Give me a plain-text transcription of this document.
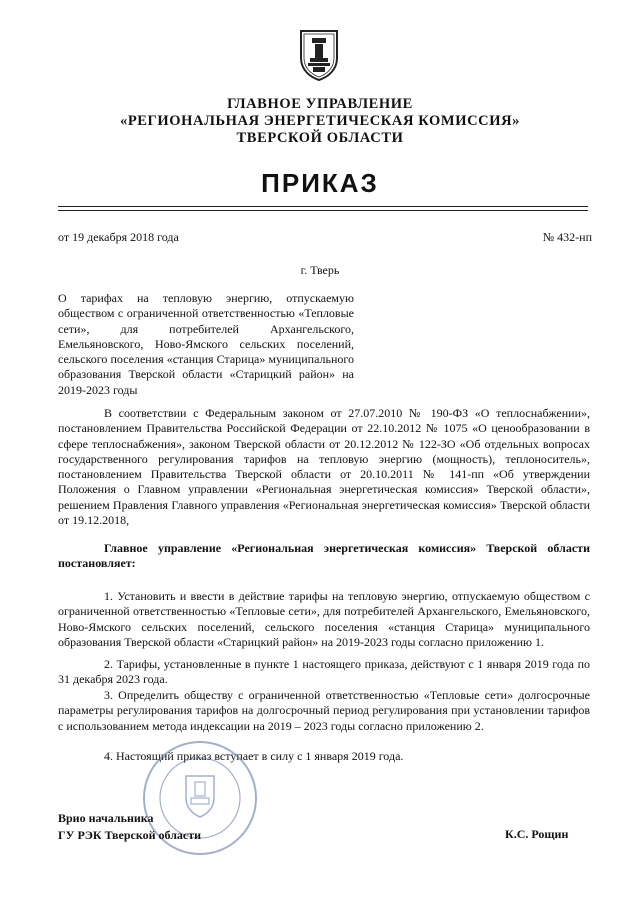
ГЛАВНОЕ УПРАВЛЕНИЕ
«РЕГИОНАЛЬНАЯ ЭНЕРГЕТИЧЕСКАЯ КОМИССИЯ»
ТВЕРСКОЙ ОБЛАСТИ
ПРИКАЗ
от 19 декабря 2018 года	№ 432-нп
г. Тверь
О тарифах на тепловую энергию, отпускаемую обществом с ограниченной ответственностью «Тепловые сети», для потребителей Архангельского, Емельяновского, Ново-Ямского сельских поселений, сельского поселения «станция Старица» муниципального образования Тверской области «Старицкий район» на 2019-2023 годы
В соответствии с Федеральным законом от 27.07.2010 № 190-ФЗ «О теплоснабжении», постановлением Правительства Российской Федерации от 22.10.2012 № 1075 «О ценообразовании в сфере теплоснабжения», законом Тверской области от 20.12.2012 № 122-ЗО «Об отдельных вопросах государственного регулирования тарифов на тепловую энергию (мощность), теплоноситель», постановлением Правительства Тверской области от 20.10.2011 № 141-пп «Об утверждении Положения о Главном управлении «Региональная энергетическая комиссия» Тверской области», решением Правления Главного управления «Региональная энергетическая комиссия» Тверской области от 19.12.2018,
Главное управление «Региональная энергетическая комиссия» Тверской области постановляет:
1. Установить и ввести в действие тарифы на тепловую энергию, отпускаемую обществом с ограниченной ответственностью «Тепловые сети», для потребителей Архангельского, Емельяновского, Ново-Ямского сельских поселений, сельского поселения «станция Старица» муниципального образования Тверской области «Старицкий район» на 2019-2023 годы согласно приложению 1.
2. Тарифы, установленные в пункте 1 настоящего приказа, действуют с 1 января 2019 года по 31 декабря 2023 года.
3. Определить обществу с ограниченной ответственностью «Тепловые сети» долгосрочные параметры регулирования тарифов на долгосрочный период регулирования при установлении тарифов с использованием метода индексации на 2019 – 2023 годы согласно приложению 2.
4. Настоящий приказ вступает в силу с 1 января 2019 года.
Врио начальника
ГУ РЭК Тверской области	К.С. Рощин
